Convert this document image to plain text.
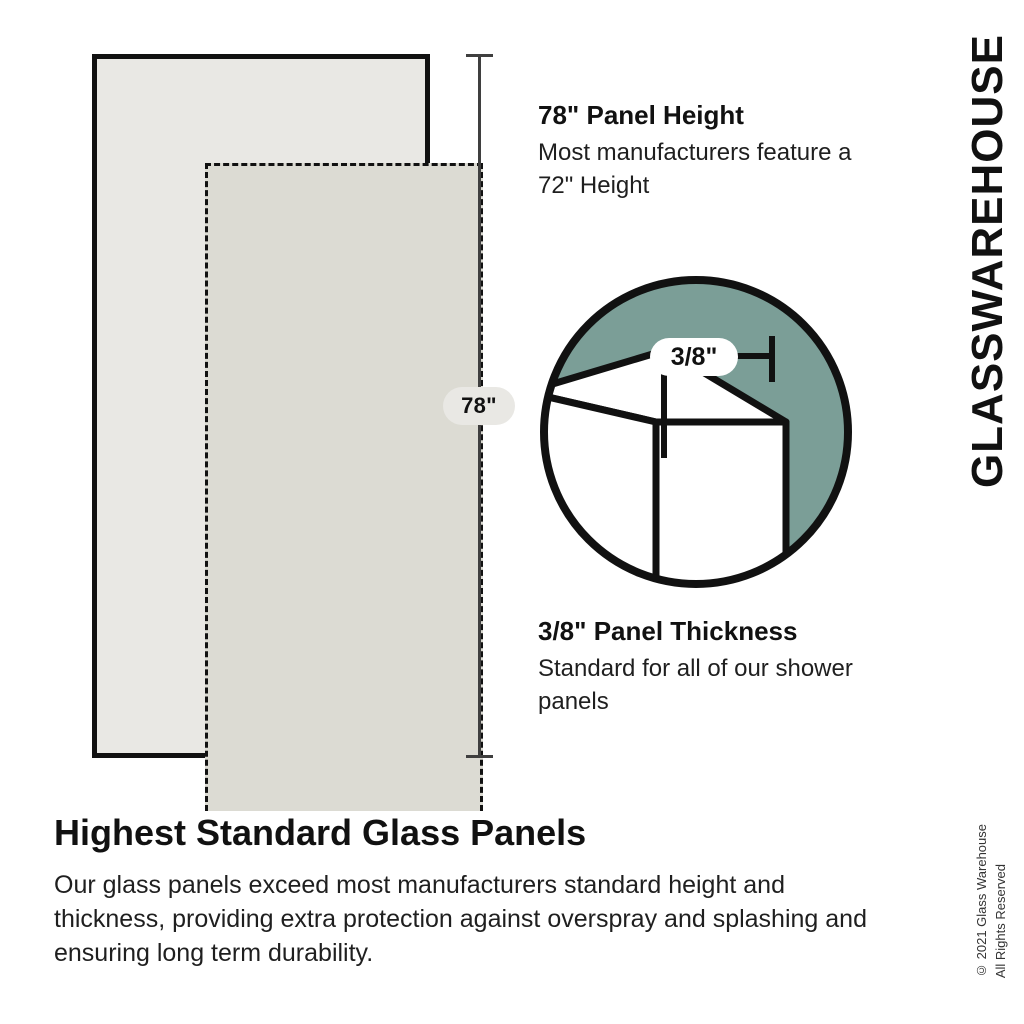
78"

78" Panel Height

Most manufacturers feature a 72" Height

3/8"

3/8" Panel Thickness

Standard for all of our shower panels

GLASSWAREHOUSE
© 2021 Glass Warehouse All Rights Reserved
Highest Standard Glass Panels

Our glass panels exceed most manufacturers standard height and thickness, providing extra protection against overspray and splashing and ensuring long term durability.
